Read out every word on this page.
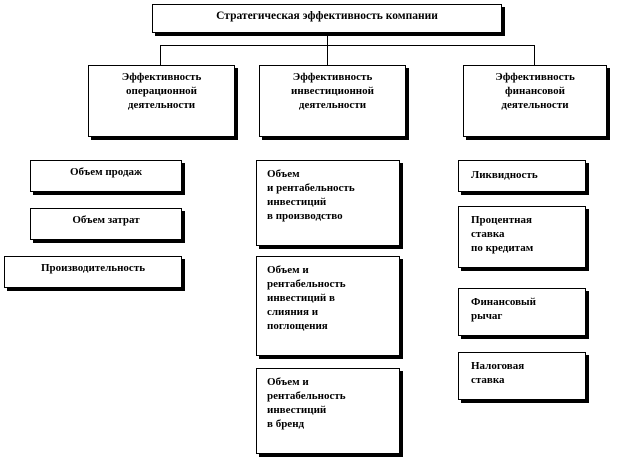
Стратегическая эффективность компании
Эффективность
операционной
деятельности
Эффективность
инвестиционной
деятельности
Эффективность
финансовой
деятельности
Объем продаж
Объем затрат
Производительность
Объем
и рентабельность
инвестиций
в производство
Объем и
рентабельность
инвестиций в
слияния и
поглощения
Объем и
рентабельность
инвестиций
в бренд
Ликвидность
Процентная
ставка
по кредитам
Финансовый
рычаг
Налоговая
ставка
